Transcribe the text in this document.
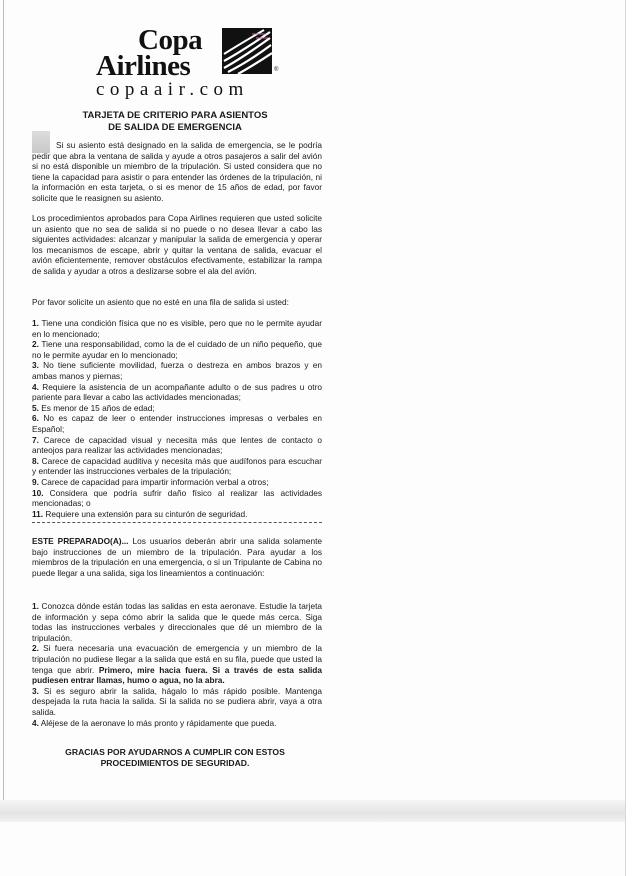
Copa
Airlines
copaair.com
®
TARJETA DE CRITERIO PARA ASIENTOS
DE SALIDA DE EMERGENCIA

Si su asiento está designado en la salida de emergencia, se le podría pedir que abra la ventana de salida y ayude a otros pasajeros a salir del avión si no está disponible un miembro de la tripulación. Si usted considera que no tiene la capacidad para asistir o para entender las órdenes de la tripulación, ni la información en esta tarjeta, o si es menor de 15 años de edad, por favor solicite que le reasignen su asiento.

Los procedimientos aprobados para Copa Airlines requieren que usted solicite un asiento que no sea de salida si no puede o no desea llevar a cabo las siguientes actividades: alcanzar y manipular la salida de emergencia y operar los mecanismos de escape, abrir y quitar la ventana de salida, evacuar el avión eficientemente, remover obstáculos efectivamente, estabilizar la rampa de salida y ayudar a otros a deslizarse sobre el ala del avión.

Por favor solicite un asiento que no esté en una fila de salida si usted:

1. Tiene una condición física que no es visible, pero que no le permite ayudar en lo mencionado;

2. Tiene una responsabilidad, como la de el cuidado de un niño pequeño, que no le permite ayudar en lo mencionado;

3. No tiene suficiente movilidad, fuerza o destreza en ambos brazos y en ambas manos y piernas;

4. Requiere la asistencia de un acompañante adulto o de sus padres u otro pariente para llevar a cabo las actividades mencionadas;

5. Es menor de 15 años de edad;

6. No es capaz de leer o entender instrucciones impresas o verbales en Español;

7. Carece de capacidad visual y necesita más que lentes de contacto o anteojos para realizar las actividades mencionadas;

8. Carece de capacidad auditiva y necesita más que audífonos para escuchar y entender las instrucciones verbales de la tripulación;

9. Carece de capacidad para impartir información verbal a otros;

10. Considera que podría sufrir daño físico al realizar las actividades mencionadas; o

11. Requiere una extensión para su cinturón de seguridad.

ESTE PREPARADO(A)... Los usuarios deberán abrir una salida solamente bajo instrucciones de un miembro de la tripulación. Para ayudar a los miembros de la tripulación en una emergencia, o si un Tripulante de Cabina no puede llegar a una salida, siga los lineamientos a continuación:

1. Conozca dónde están todas las salidas en esta aeronave. Estudie la tarjeta de información y sepa cómo abrir la salida que le quede más cerca. Siga todas las instrucciones verbales y direccionales que dé un miembro de la tripulación.

2. Si fuera necesaria una evacuación de emergencia y un miembro de la tripulación no pudiese llegar a la salida que está en su fila, puede que usted la tenga que abrir. Primero, mire hacia fuera. Si a través de esta salida pudiesen entrar llamas, humo o agua, no la abra.

3. Si es seguro abrir la salida, hágalo lo más rápido posible. Mantenga despejada la ruta hacia la salida. Si la salida no se pudiera abrir, vaya a otra salida.

4. Aléjese de la aeronave lo más pronto y rápidamente que pueda.

GRACIAS POR AYUDARNOS A CUMPLIR CON ESTOS
PROCEDIMIENTOS DE SEGURIDAD.
